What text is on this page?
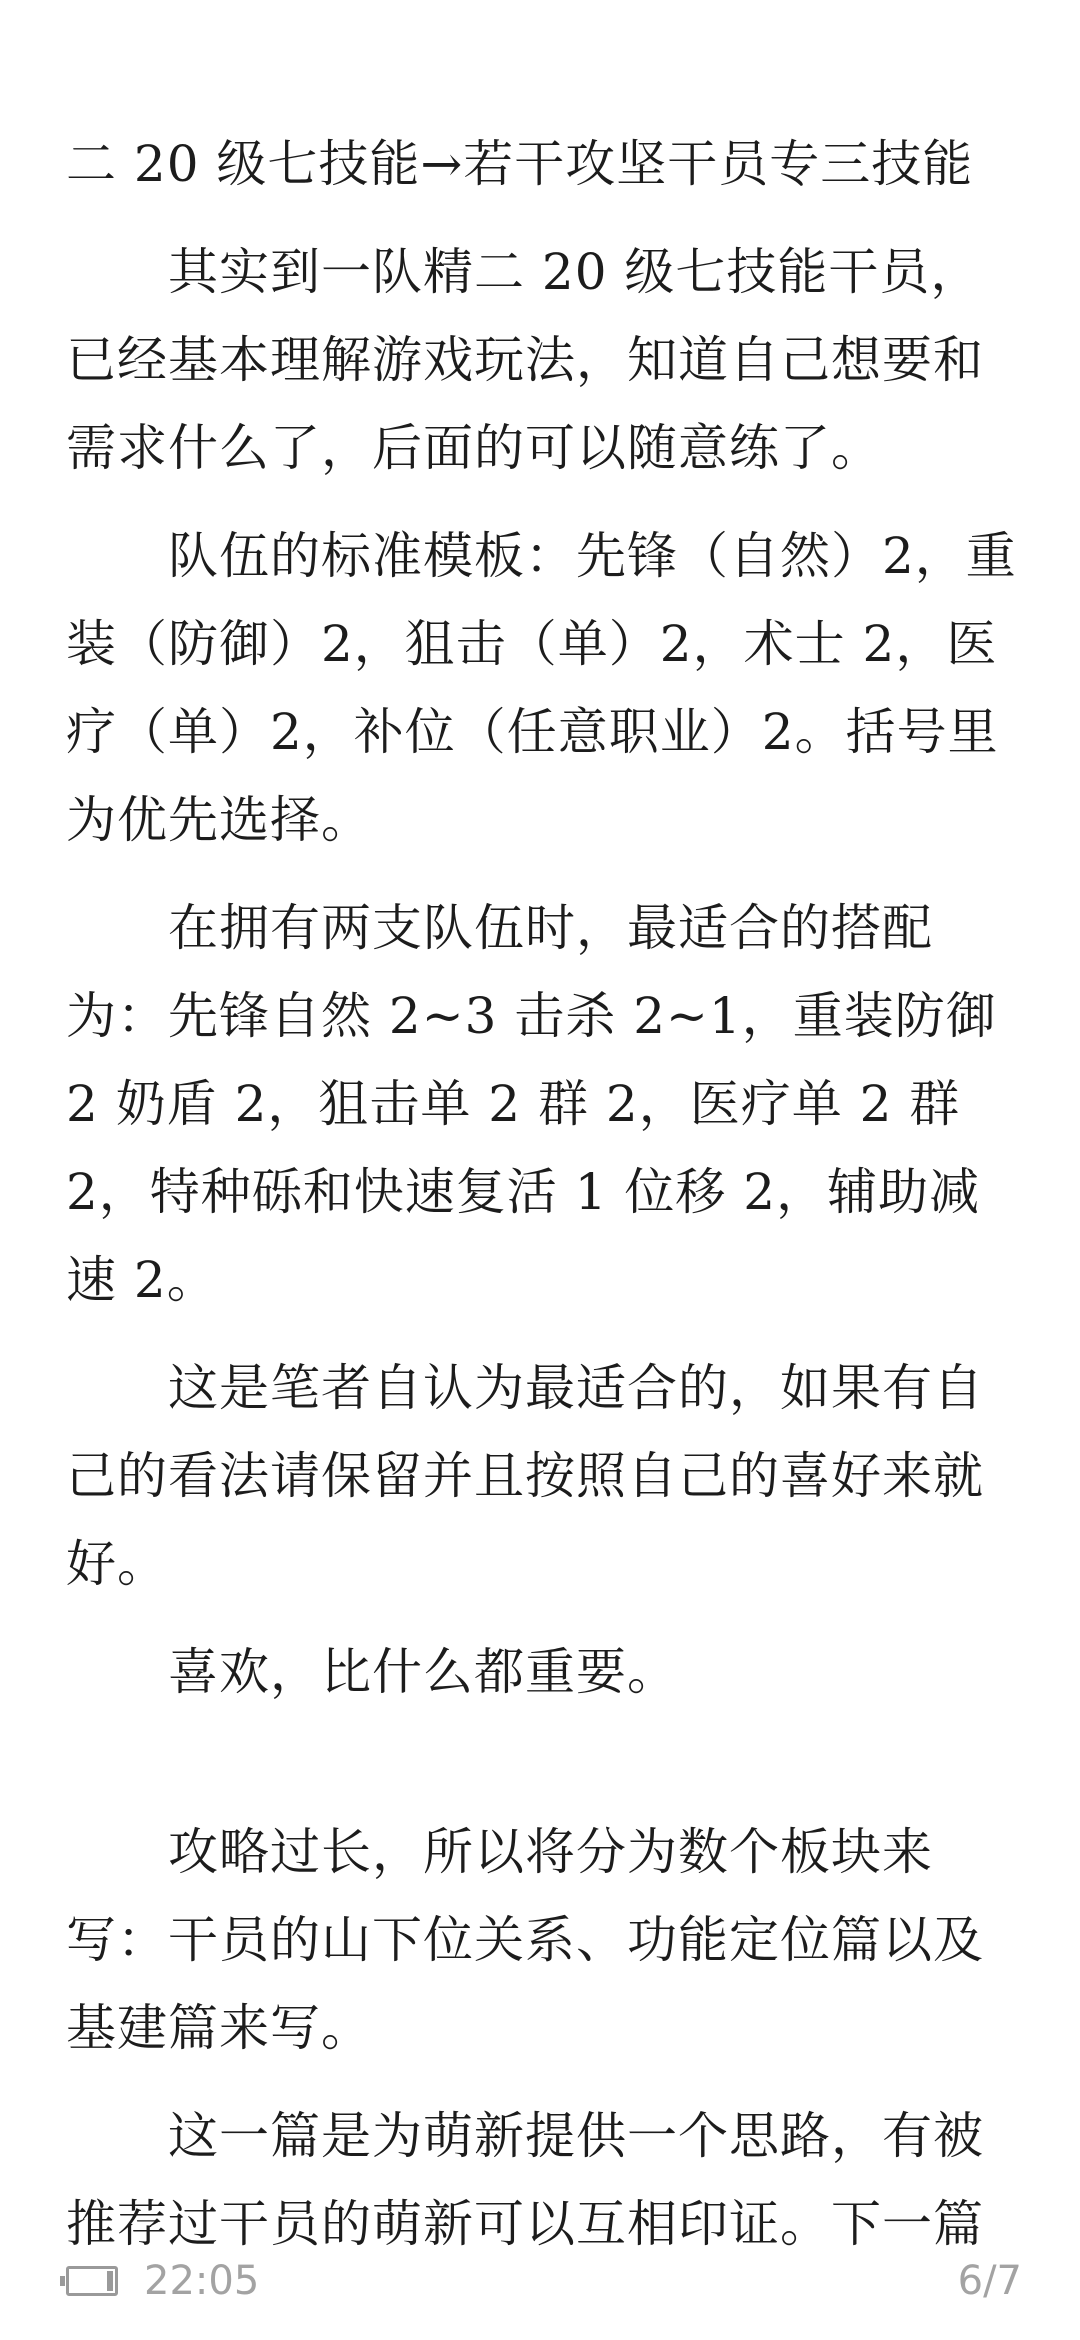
二 20 级七技能→若干攻坚干员专三技能

其实到一队精二 20 级七技能干员，已经基本理解游戏玩法，知道自己想要和需求什么了，后面的可以随意练了。

队伍的标准模板：先锋（自然）2，重装（防御）2，狙击（单）2，术士 2，医疗（单）2，补位（任意职业）2。括号里为优先选择。

在拥有两支队伍时，最适合的搭配为：先锋自然 2~3 击杀 2~1，重装防御 2 奶盾 2，狙击单 2 群 2，医疗单 2 群 2，特种砾和快速复活 1 位移 2，辅助减速 2。

这是笔者自认为最适合的，如果有自己的看法请保留并且按照自己的喜好来就好。

喜欢，比什么都重要。

攻略过长，所以将分为数个板块来写：干员的山下位关系、功能定位篇以及基建篇来写。

这一篇是为萌新提供一个思路，有被推荐过干员的萌新可以互相印证。下一篇

22:05	6/7
